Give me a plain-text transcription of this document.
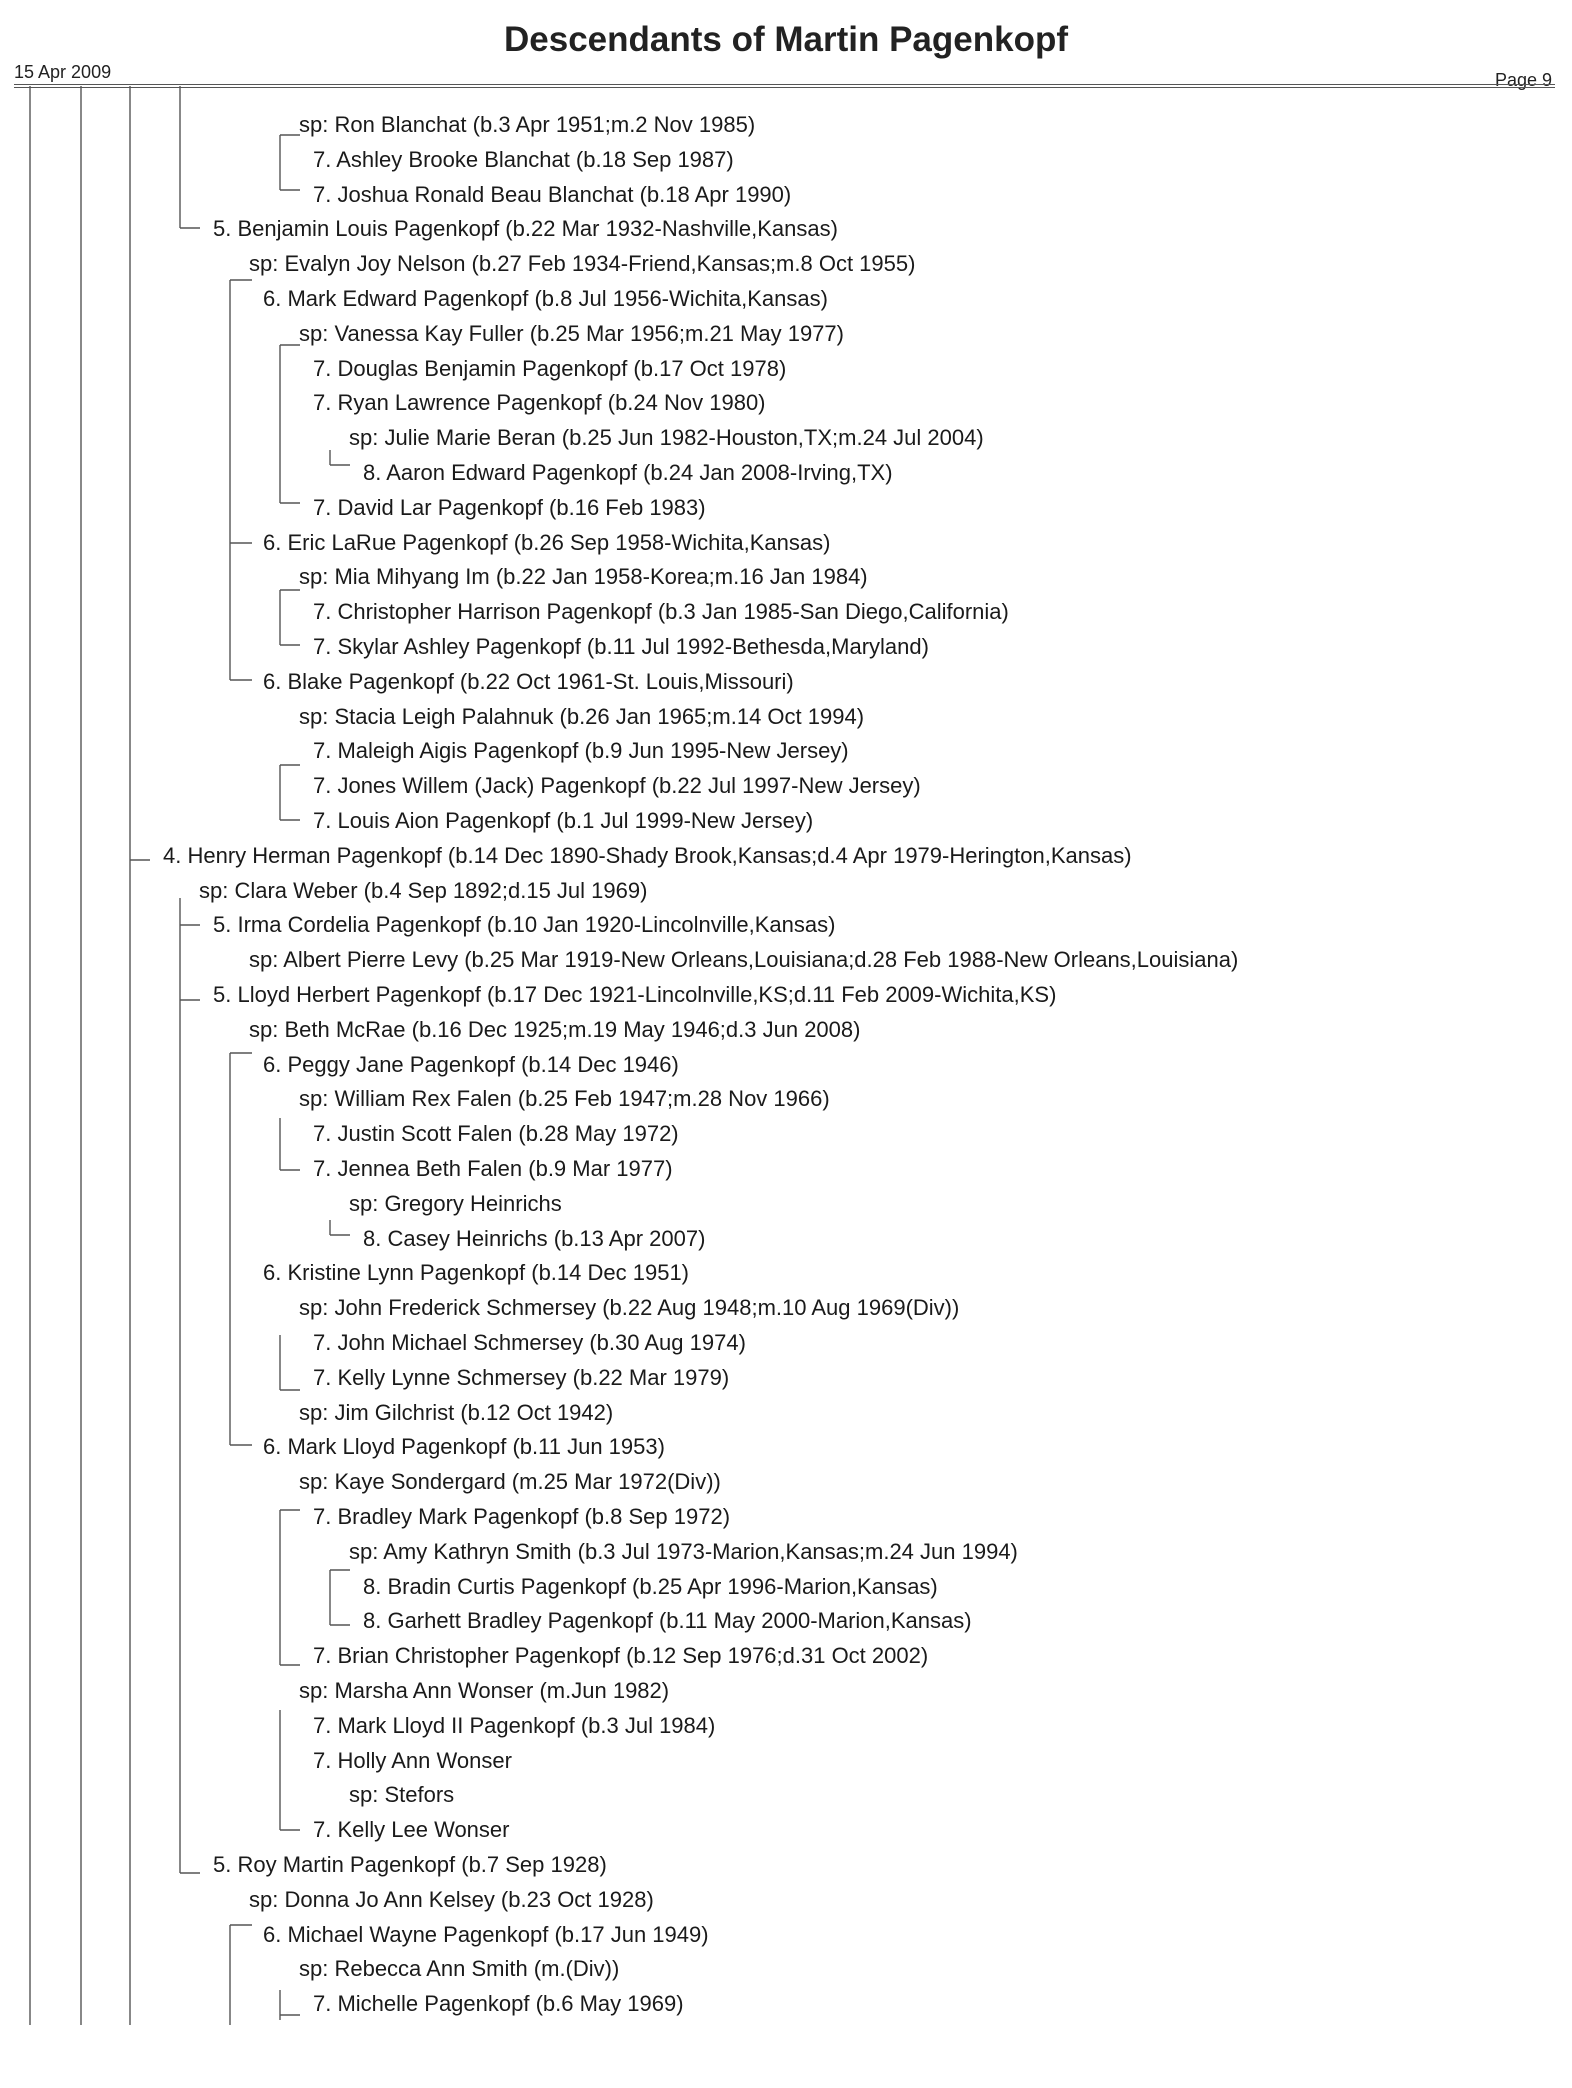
Descendants of Martin Pagenkopf
15 Apr 2009	Page 9
sp: Ron Blanchat (b.3 Apr 1951;m.2 Nov 1985)
7. Ashley Brooke Blanchat (b.18 Sep 1987)
7. Joshua Ronald Beau Blanchat (b.18 Apr 1990)
5. Benjamin Louis Pagenkopf (b.22 Mar 1932-Nashville,Kansas)
sp: Evalyn Joy Nelson (b.27 Feb 1934-Friend,Kansas;m.8 Oct 1955)
6. Mark Edward Pagenkopf (b.8 Jul 1956-Wichita,Kansas)
sp: Vanessa Kay Fuller (b.25 Mar 1956;m.21 May 1977)
7. Douglas Benjamin Pagenkopf (b.17 Oct 1978)
7. Ryan Lawrence Pagenkopf (b.24 Nov 1980)
sp: Julie Marie Beran (b.25 Jun 1982-Houston,TX;m.24 Jul 2004)
8. Aaron Edward Pagenkopf (b.24 Jan 2008-Irving,TX)
7. David Lar Pagenkopf (b.16 Feb 1983)
6. Eric LaRue Pagenkopf (b.26 Sep 1958-Wichita,Kansas)
sp: Mia Mihyang Im (b.22 Jan 1958-Korea;m.16 Jan 1984)
7. Christopher Harrison Pagenkopf (b.3 Jan 1985-San Diego,California)
7. Skylar Ashley Pagenkopf (b.11 Jul 1992-Bethesda,Maryland)
6. Blake Pagenkopf (b.22 Oct 1961-St. Louis,Missouri)
sp: Stacia Leigh Palahnuk (b.26 Jan 1965;m.14 Oct 1994)
7. Maleigh Aigis Pagenkopf (b.9 Jun 1995-New Jersey)
7. Jones Willem (Jack) Pagenkopf (b.22 Jul 1997-New Jersey)
7. Louis Aion Pagenkopf (b.1 Jul 1999-New Jersey)
4. Henry Herman Pagenkopf (b.14 Dec 1890-Shady Brook,Kansas;d.4 Apr 1979-Herington,Kansas)
sp: Clara Weber (b.4 Sep 1892;d.15 Jul 1969)
5. Irma Cordelia Pagenkopf (b.10 Jan 1920-Lincolnville,Kansas)
sp: Albert Pierre Levy (b.25 Mar 1919-New Orleans,Louisiana;d.28 Feb 1988-New Orleans,Louisiana)
5. Lloyd Herbert Pagenkopf (b.17 Dec 1921-Lincolnville,KS;d.11 Feb 2009-Wichita,KS)
sp: Beth McRae (b.16 Dec 1925;m.19 May 1946;d.3 Jun 2008)
6. Peggy Jane Pagenkopf (b.14 Dec 1946)
sp: William Rex Falen (b.25 Feb 1947;m.28 Nov 1966)
7. Justin Scott Falen (b.28 May 1972)
7. Jennea Beth Falen (b.9 Mar 1977)
sp: Gregory Heinrichs
8. Casey Heinrichs (b.13 Apr 2007)
6. Kristine Lynn Pagenkopf (b.14 Dec 1951)
sp: John Frederick Schmersey (b.22 Aug 1948;m.10 Aug 1969(Div))
7. John Michael Schmersey (b.30 Aug 1974)
7. Kelly Lynne Schmersey (b.22 Mar 1979)
sp: Jim Gilchrist (b.12 Oct 1942)
6. Mark Lloyd Pagenkopf (b.11 Jun 1953)
sp: Kaye Sondergard (m.25 Mar 1972(Div))
7. Bradley Mark Pagenkopf (b.8 Sep 1972)
sp: Amy Kathryn Smith (b.3 Jul 1973-Marion,Kansas;m.24 Jun 1994)
8. Bradin Curtis Pagenkopf (b.25 Apr 1996-Marion,Kansas)
8. Garhett Bradley Pagenkopf (b.11 May 2000-Marion,Kansas)
7. Brian Christopher Pagenkopf (b.12 Sep 1976;d.31 Oct 2002)
sp: Marsha Ann Wonser (m.Jun 1982)
7. Mark Lloyd II Pagenkopf (b.3 Jul 1984)
7. Holly Ann Wonser
sp: Stefors
7. Kelly Lee Wonser
5. Roy Martin Pagenkopf (b.7 Sep 1928)
sp: Donna Jo Ann Kelsey (b.23 Oct 1928)
6. Michael Wayne Pagenkopf (b.17 Jun 1949)
sp: Rebecca Ann Smith (m.(Div))
7. Michelle Pagenkopf (b.6 May 1969)
